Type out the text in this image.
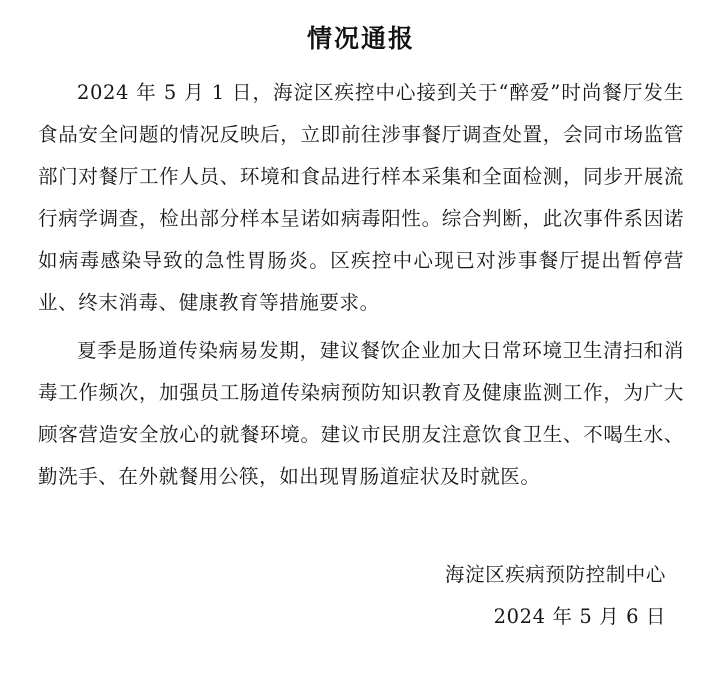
情况通报

2024 年 5 月 1 日，海淀区疾控中心接到关于“醉爱”时尚餐厅发生食品安全问题的情况反映后，立即前往涉事餐厅调查处置，会同市场监管部门对餐厅工作人员、环境和食品进行样本采集和全面检测，同步开展流行病学调查，检出部分样本呈诺如病毒阳性。综合判断，此次事件系因诺如病毒感染导致的急性胃肠炎。区疾控中心现已对涉事餐厅提出暂停营业、终末消毒、健康教育等措施要求。

夏季是肠道传染病易发期，建议餐饮企业加大日常环境卫生清扫和消毒工作频次，加强员工肠道传染病预防知识教育及健康监测工作，为广大顾客营造安全放心的就餐环境。建议市民朋友注意饮食卫生、不喝生水、勤洗手、在外就餐用公筷，如出现胃肠道症状及时就医。

海淀区疾病预防控制中心
2024 年 5 月 6 日
